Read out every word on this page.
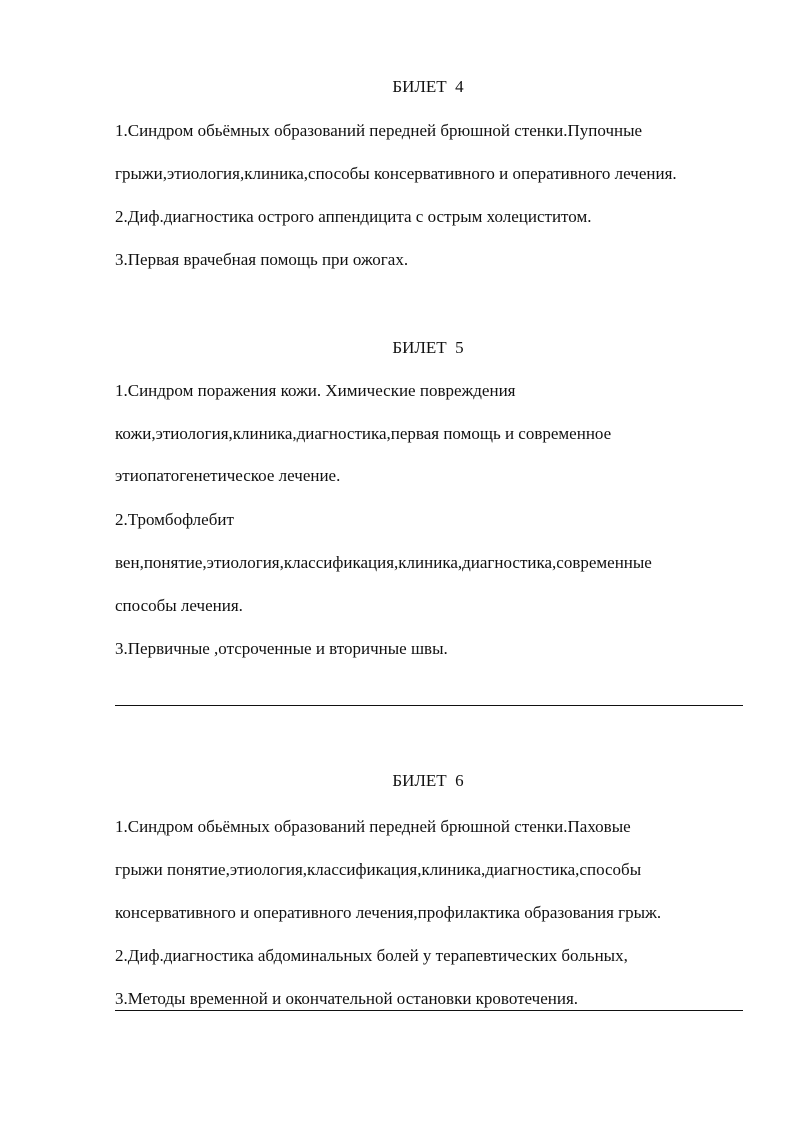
БИЛЕТ  4

1.Синдром обьёмных образований передней брюшной стенки.Пупочные

грыжи,этиология,клиника,способы консервативного и оперативного лечения.

2.Диф.диагностика острого аппендицита с острым холециститом.

3.Первая врачебная помощь при ожогах.

БИЛЕТ  5

1.Синдром поражения кожи. Химические повреждения

кожи,этиология,клиника,диагностика,первая помощь и современное

этиопатогенетическое лечение.

2.Тромбофлебит

вен,понятие,этиология,классификация,клиника,диагностика,современные

способы лечения.

3.Первичные ,отсроченные и вторичные швы.

БИЛЕТ  6

1.Синдром обьёмных образований передней брюшной стенки.Паховые

грыжи понятие,этиология,классификация,клиника,диагностика,способы

консервативного и оперативного лечения,профилактика образования грыж.

2.Диф.диагностика абдоминальных болей у терапевтических больных,

3.Методы временной и окончательной остановки кровотечения.
